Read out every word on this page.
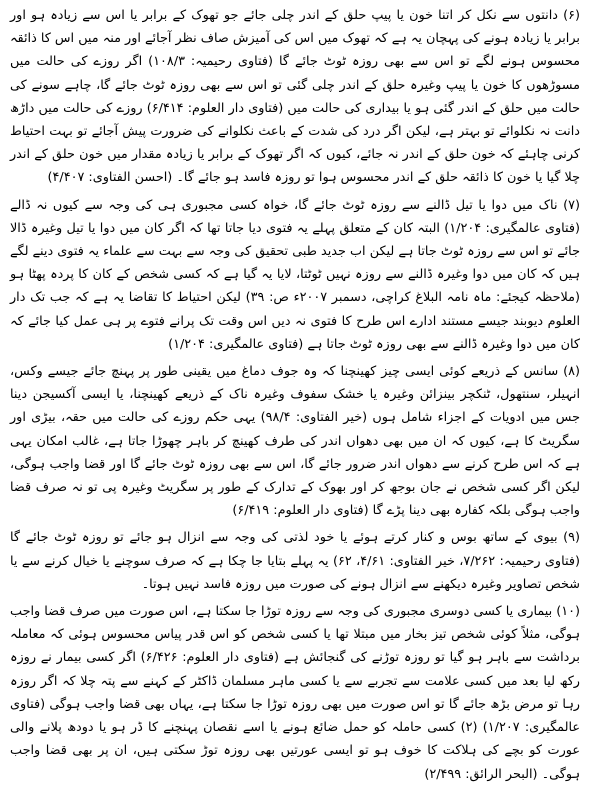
(۶) دانتوں سے نکل کر اتنا خون یا پیپ حلق کے اندر چلی جائے جو تھوک کے برابر یا اس سے زیادہ ہو اور برابر یا زیادہ ہونے کی پہچان یہ ہے کہ تھوک میں اس کی آمیزش صاف نظر آجائے اور منہ میں اس کا ذائقہ محسوس ہونے لگے تو اس سے بھی روزہ ٹوٹ جائے گا (فتاوی رحیمیہ: ۱۰۸/۳) اگر روزے کی حالت میں مسوڑھوں کا خون یا پیپ وغیرہ حلق کے اندر چلی گئی تو اس سے بھی روزہ ٹوٹ جائے گا، چاہے سونے کی حالت میں حلق کے اندر گئی ہو یا بیداری کی حالت میں (فتاوی دار العلوم: ۶/۴۱۴) روزے کی حالت میں داڑھ دانت نہ نکلوائے تو بہتر ہے، لیکن اگر درد کی شدت کے باعث نکلوانے کی ضرورت پیش آجائے تو بہت احتیاط کرنی چاہئے کہ خون حلق کے اندر نہ جائے، کیوں کہ اگر تھوک کے برابر یا زیادہ مقدار میں خون حلق کے اندر چلا گیا یا خون کا ذائقہ حلق کے اندر محسوس ہوا تو روزہ فاسد ہو جائے گا۔ (احسن الفتاوی: ۴/۴۰۷)

(۷) ناک میں دوا یا تیل ڈالنے سے روزہ ٹوٹ جائے گا، خواہ کسی مجبوری ہی کی وجہ سے کیوں نہ ڈالے (فتاوی عالمگیری: ۱/۲۰۴) البتہ کان کے متعلق پہلے یہ فتوی دیا جاتا تھا کہ اگر کان میں دوا یا تیل وغیرہ ڈالا جائے تو اس سے روزہ ٹوٹ جاتا ہے لیکن اب جدید طبی تحقیق کی وجہ سے بہت سے علماء یہ فتوی دینے لگے ہیں کہ کان میں دوا وغیرہ ڈالنے سے روزہ نہیں ٹوٹتا، لایا یہ گیا ہے کہ کسی شخص کے کان کا پردہ پھٹا ہو (ملاحظہ کیجئے: ماہ نامہ البلاغ کراچی، دسمبر ۲۰۰۷ء ص: ۳۹) لیکن احتیاط کا تقاضا یہ ہے کہ جب تک دار العلوم دیوبند جیسے مستند ادارے اس طرح کا فتوی نہ دیں اس وقت تک پرانے فتوے پر ہی عمل کیا جائے کہ کان میں دوا وغیرہ ڈالنے سے بھی روزہ ٹوٹ جاتا ہے (فتاوی عالمگیری: ۱/۲۰۴)

(۸) سانس کے ذریعے کوئی ایسی چیز کھینچنا کہ وہ جوف دماغ میں یقینی طور پر پہنچ جائے جیسے وکس، انہیلر، سنتھول، ٹنکچر بینزائن وغیرہ یا خشک سفوف وغیرہ ناک کے ذریعے کھینچنا، یا ایسی آکسیجن دینا جس میں ادویات کے اجزاء شامل ہوں (خیر الفتاوی: ۹۸/۴) یہی حکم روزے کی حالت میں حقہ، بیڑی اور سگریٹ کا ہے، کیوں کہ ان میں بھی دھواں اندر کی طرف کھینچ کر باہر چھوڑا جاتا ہے، غالب امکان یہی ہے کہ اس طرح کرنے سے دھواں اندر ضرور جائے گا، اس سے بھی روزہ ٹوٹ جائے گا اور قضا واجب ہوگی، لیکن اگر کسی شخص نے جان بوجھ کر اور بھوک کے تدارک کے طور پر سگریٹ وغیرہ پی تو نہ صرف قضا واجب ہوگی بلکہ کفارہ بھی دینا پڑے گا (فتاوی دار العلوم: ۶/۴۱۹)

(۹) بیوی کے ساتھ بوس و کنار کرتے ہوئے یا خود لذتی کی وجہ سے انزال ہو جائے تو روزہ ٹوٹ جائے گا (فتاوی رحیمیہ: ۷/۲۶۲، خیر الفتاوی: ۴/۶۱، ۶۲) یہ پہلے بتایا جا چکا ہے کہ صرف سوچنے یا خیال کرنے سے یا شخص تصاویر وغیرہ دیکھنے سے انزال ہونے کی صورت میں روزہ فاسد نہیں ہوتا۔

(۱۰) بیماری یا کسی دوسری مجبوری کی وجہ سے روزہ توڑا جا سکتا ہے، اس صورت میں صرف قضا واجب ہوگی، مثلاً کوئی شخص تیز بخار میں مبتلا تھا یا کسی شخص کو اس قدر پیاس محسوس ہوئی کہ معاملہ برداشت سے باہر ہو گیا تو روزہ توڑنے کی گنجائش ہے (فتاوی دار العلوم: ۶/۴۲۶) اگر کسی بیمار نے روزہ رکھ لیا بعد میں کسی علامت سے تجربے سے یا کسی ماہر مسلمان ڈاکٹر کے کہنے سے پتہ چلا کہ اگر روزہ رہا تو مرض بڑھ جائے گا تو اس صورت میں بھی روزہ توڑا جا سکتا ہے، یہاں بھی قضا واجب ہوگی (فتاوی عالمگیری: ۱/۲۰۷) (۲) کسی حاملہ کو حمل ضائع ہونے یا اسے نقصان پہنچنے کا ڈر ہو یا دودھ پلانے والی عورت کو بچے کی ہلاکت کا خوف ہو تو ایسی عورتیں بھی روزہ توڑ سکتی ہیں، ان پر بھی قضا واجب ہوگی۔ (البحر الرائق: ۲/۴۹۹)
